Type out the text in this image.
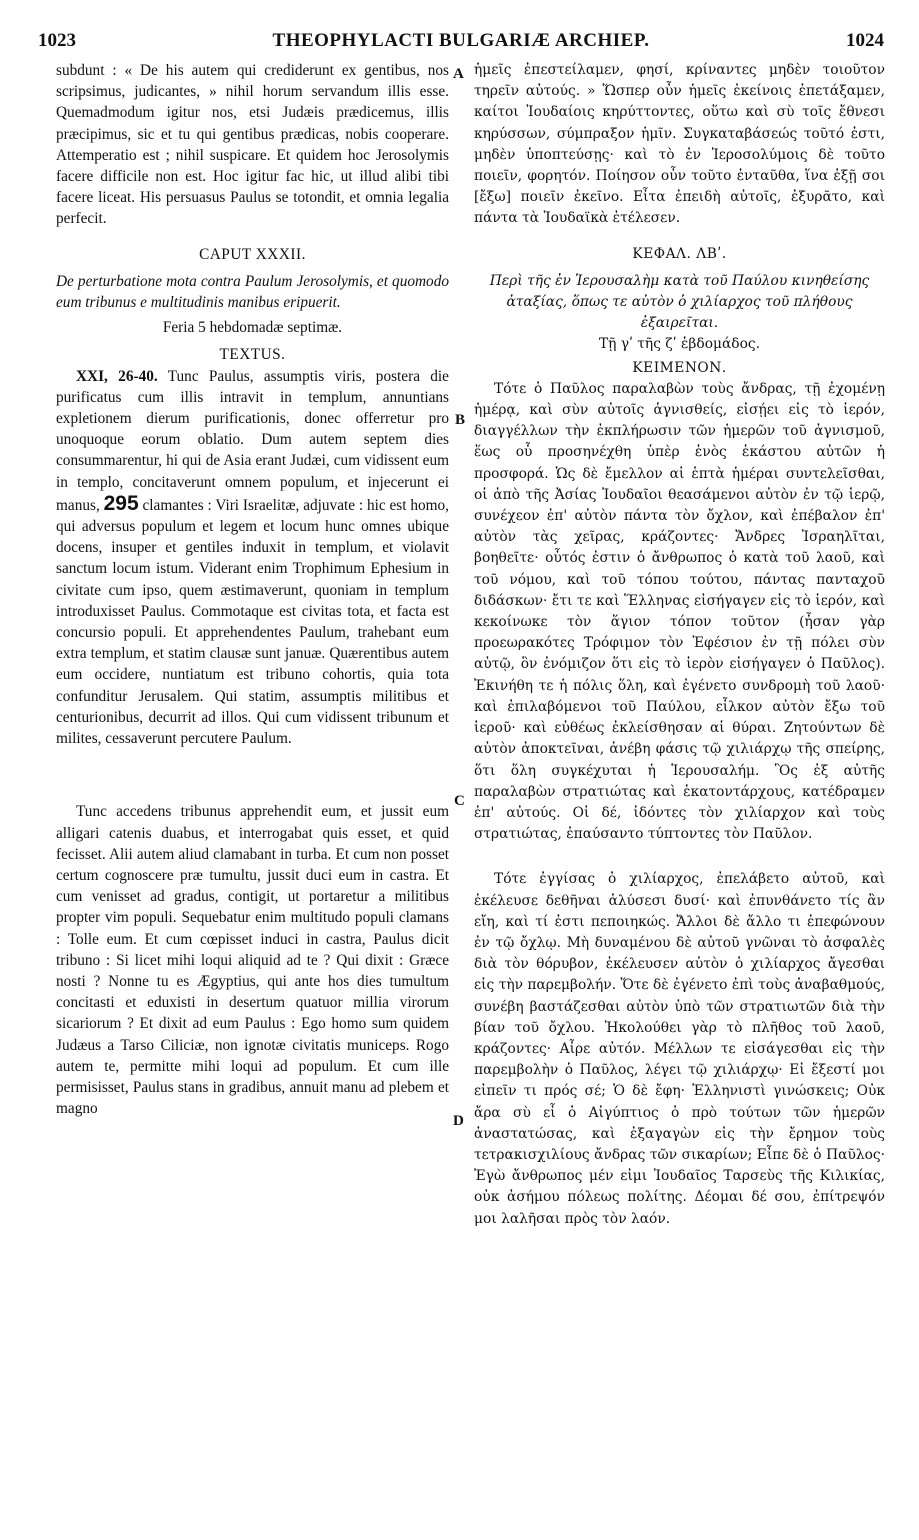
1023	THEOPHYLACTI BULGARIÆ ARCHIEP.	1024
A
B
C
D

subdunt : « De his autem qui crediderunt ex gentibus, nos scripsimus, judicantes, » nihil horum servandum illis esse. Quemadmodum igitur nos, etsi Judæis prædicemus, illis præcipimus, sic et tu qui gentibus prædicas, nobis cooperare. Attemperatio est ; nihil suspicare. Et quidem hoc Jerosolymis facere difficile non est. Hoc igitur fac hic, ut illud alibi tibi facere liceat. His persuasus Paulus se totondit, et omnia legalia perfecit.

CAPUT XXXII.

De perturbatione mota contra Paulum Jerosolymis, et quomodo eum tribunus e multitudinis manibus eripuerit.

Feria 5 hebdomadæ septimæ.

TEXTUS.

XXI, 26-40. Tunc Paulus, assumptis viris, postera die purificatus cum illis intravit in templum, annuntians expletionem dierum purificationis, donec offerretur pro unoquoque eorum oblatio. Dum autem septem dies consummarentur, hi qui de Asia erant Judæi, cum vidissent eum in templo, concitaverunt omnem populum, et injecerunt ei manus, 295 clamantes : Viri Israelitæ, adjuvate : hic est homo, qui adversus populum et legem et locum hunc omnes ubique docens, insuper et gentiles induxit in templum, et violavit sanctum locum istum. Viderant enim Trophimum Ephesium in civitate cum ipso, quem æstimaverunt, quoniam in templum introduxisset Paulus. Commotaque est civitas tota, et facta est concursio populi. Et apprehendentes Paulum, trahebant eum extra templum, et statim clausæ sunt januæ. Quærentibus autem eum occidere, nuntiatum est tribuno cohortis, quia tota confunditur Jerusalem. Qui statim, assumptis militibus et centurionibus, decurrit ad illos. Qui cum vidissent tribunum et milites, cessaverunt percutere Paulum.

Tunc accedens tribunus apprehendit eum, et jussit eum alligari catenis duabus, et interrogabat quis esset, et quid fecisset. Alii autem aliud clamabant in turba. Et cum non posset certum cognoscere præ tumultu, jussit duci eum in castra. Et cum venisset ad gradus, contigit, ut portaretur a militibus propter vim populi. Sequebatur enim multitudo populi clamans : Tolle eum. Et cum cœpisset induci in castra, Paulus dicit tribuno : Si licet mihi loqui aliquid ad te ? Qui dixit : Græce nosti ? Nonne tu es Ægyptius, qui ante hos dies tumultum concitasti et eduxisti in desertum quatuor millia virorum sicariorum ? Et dixit ad eum Paulus : Ego homo sum quidem Judæus a Tarso Ciliciæ, non ignotæ civitatis municeps. Rogo autem te, permitte mihi loqui ad populum. Et cum ille permisisset, Paulus stans in gradibus, annuit manu ad plebem et magno

ἡμεῖς ἐπεστείλαμεν, φησί, κρίναντες μηδὲν τοιοῦτον τηρεῖν αὐτούς. » Ὥσπερ οὖν ἡμεῖς ἐκείνοις ἐπετάξαμεν, καίτοι Ἰουδαίοις κηρύττοντες, οὕτω καὶ σὺ τοῖς ἔθνεσι κηρύσσων, σύμπραξον ἡμῖν. Συγκαταβάσεώς τοῦτό ἐστι, μηδὲν ὑποπτεύσῃς· καὶ τὸ ἐν Ἱεροσολύμοις δὲ τοῦτο ποιεῖν, φορητόν. Ποίησον οὖν τοῦτο ἐνταῦθα, ἵνα ἐξῇ σοι [ἔξω] ποιεῖν ἐκεῖνο. Εἶτα ἐπειδὴ αὐτοῖς, ἐξυρᾶτο, καὶ πάντα τὰ Ἰουδαϊκὰ ἐτέλεσεν.

ΚΕΦΑΛ. ΛΒʹ.

Περὶ τῆς ἐν Ἱερουσαλὴμ κατὰ τοῦ Παύλου κινηθείσης ἀταξίας, ὅπως τε αὐτὸν ὁ χιλίαρχος τοῦ πλήθους ἐξαιρεῖται.

Τῇ γʹ τῆς ζʹ ἑβδομάδος.

ΚΕΙΜΕΝΟΝ.

Τότε ὁ Παῦλος παραλαβὼν τοὺς ἄνδρας, τῇ ἐχομένῃ ἡμέρᾳ, καὶ σὺν αὐτοῖς ἁγνισθείς, εἰσῄει εἰς τὸ ἱερόν, διαγγέλλων τὴν ἐκπλήρωσιν τῶν ἡμερῶν τοῦ ἁγνισμοῦ, ἕως οὗ προσηνέχθη ὑπὲρ ἑνὸς ἑκάστου αὐτῶν ἡ προσφορά. Ὡς δὲ ἔμελλον αἱ ἑπτὰ ἡμέραι συντελεῖσθαι, οἱ ἀπὸ τῆς Ἀσίας Ἰουδαῖοι θεασάμενοι αὐτὸν ἐν τῷ ἱερῷ, συνέχεον ἐπ' αὐτὸν πάντα τὸν ὄχλον, καὶ ἐπέβαλον ἐπ' αὐτὸν τὰς χεῖρας, κράζοντες· Ἄνδρες Ἰσραηλῖται, βοηθεῖτε· οὗτός ἐστιν ὁ ἄνθρωπος ὁ κατὰ τοῦ λαοῦ, καὶ τοῦ νόμου, καὶ τοῦ τόπου τούτου, πάντας πανταχοῦ διδάσκων· ἔτι τε καὶ Ἕλληνας εἰσήγαγεν εἰς τὸ ἱερόν, καὶ κεκοίνωκε τὸν ἅγιον τόπον τοῦτον (ἦσαν γὰρ προεωρακότες Τρόφιμον τὸν Ἐφέσιον ἐν τῇ πόλει σὺν αὐτῷ, ὃν ἐνόμιζον ὅτι εἰς τὸ ἱερὸν εἰσήγαγεν ὁ Παῦλος). Ἐκινήθη τε ἡ πόλις ὅλη, καὶ ἐγένετο συνδρομὴ τοῦ λαοῦ· καὶ ἐπιλαβόμενοι τοῦ Παύλου, εἷλκον αὐτὸν ἔξω τοῦ ἱεροῦ· καὶ εὐθέως ἐκλείσθησαν αἱ θύραι. Ζητούντων δὲ αὐτὸν ἀποκτεῖναι, ἀνέβη φάσις τῷ χιλιάρχῳ τῆς σπείρης, ὅτι ὅλη συγκέχυται ἡ Ἱερουσαλήμ. Ὃς ἐξ αὐτῆς παραλαβὼν στρατιώτας καὶ ἑκατοντάρχους, κατέδραμεν ἐπ' αὐτούς. Οἱ δέ, ἰδόντες τὸν χιλίαρχον καὶ τοὺς στρατιώτας, ἐπαύσαντο τύπτοντες τὸν Παῦλον.

Τότε ἐγγίσας ὁ χιλίαρχος, ἐπελάβετο αὐτοῦ, καὶ ἐκέλευσε δεθῆναι ἁλύσεσι δυσί· καὶ ἐπυνθάνετο τίς ἂν εἴη, καὶ τί ἐστι πεποιηκώς. Ἄλλοι δὲ ἄλλο τι ἐπεφώνουν ἐν τῷ ὄχλῳ. Μὴ δυναμένου δὲ αὐτοῦ γνῶναι τὸ ἀσφαλὲς διὰ τὸν θόρυβον, ἐκέλευσεν αὐτὸν ὁ χιλίαρχος ἄγεσθαι εἰς τὴν παρεμβολήν. Ὅτε δὲ ἐγένετο ἐπὶ τοὺς ἀναβαθμούς, συνέβη βαστάζεσθαι αὐτὸν ὑπὸ τῶν στρατιωτῶν διὰ τὴν βίαν τοῦ ὄχλου. Ἠκολούθει γὰρ τὸ πλῆθος τοῦ λαοῦ, κράζοντες· Αἶρε αὐτόν. Μέλλων τε εἰσάγεσθαι εἰς τὴν παρεμβολὴν ὁ Παῦλος, λέγει τῷ χιλιάρχῳ· Εἰ ἔξεστί μοι εἰπεῖν τι πρός σέ; Ὁ δὲ ἔφη· Ἑλληνιστὶ γινώσκεις; Οὐκ ἄρα σὺ εἶ ὁ Αἰγύπτιος ὁ πρὸ τούτων τῶν ἡμερῶν ἀναστατώσας, καὶ ἐξαγαγὼν εἰς τὴν ἔρημον τοὺς τετρακισχιλίους ἄνδρας τῶν σικαρίων; Εἶπε δὲ ὁ Παῦλος· Ἐγὼ ἄνθρωπος μέν εἰμι Ἰουδαῖος Ταρσεὺς τῆς Κιλικίας, οὐκ ἀσήμου πόλεως πολίτης. Δέομαι δέ σου, ἐπίτρεψόν μοι λαλῆσαι πρὸς τὸν λαόν.
